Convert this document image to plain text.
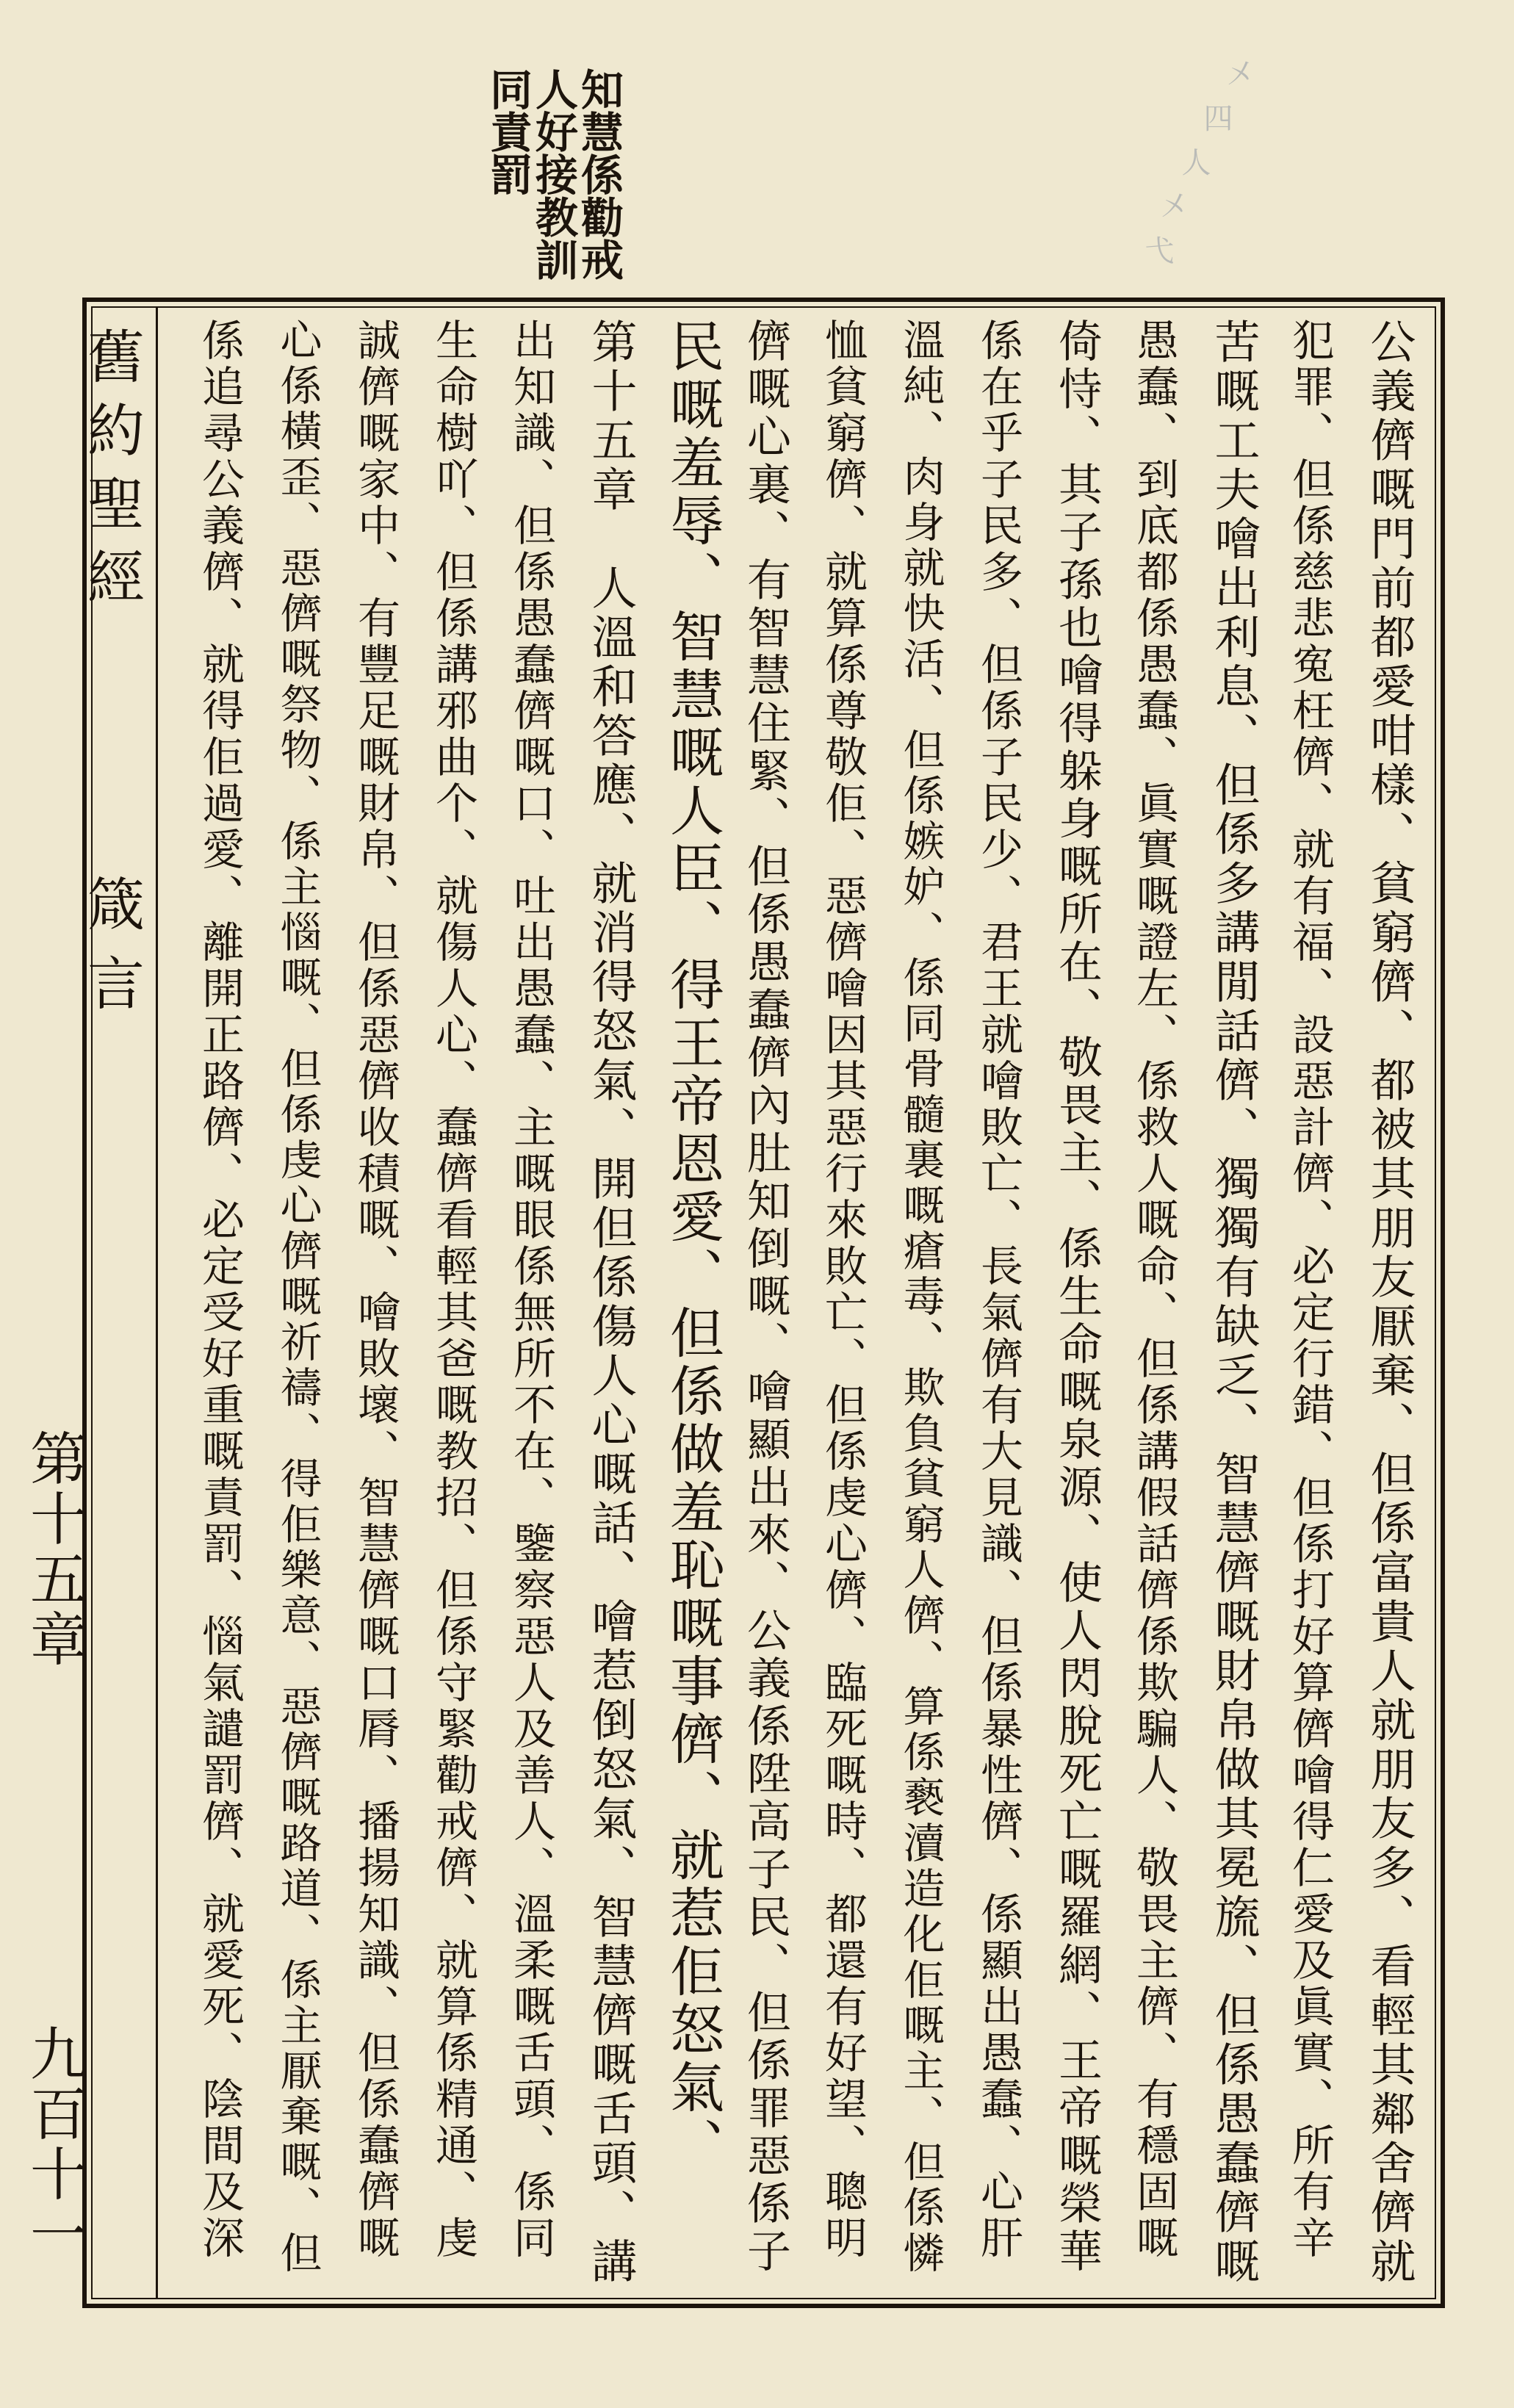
知慧係勸戒
人好接教訓
同責罰	㐅
四
人
㐅
弋
舊約聖經
箴言
第十五章
九百十一	公義儕嘅門前都愛咁樣、貧窮儕、都被其朋友厭棄、但係富貴人就朋友多、看輕其鄰舍儕就
犯罪、但係慈悲寃枉儕、就有福、設惡計儕、必定行錯、但係打好算儕噲得仁愛及眞實、所有辛
苦嘅工夫噲出利息、但係多講閒話儕、獨獨有缺乏、智慧儕嘅財帛做其冕旒、但係愚蠢儕嘅
愚蠢、到底都係愚蠢、眞實嘅證左、係救人嘅命、但係講假話儕係欺騙人、敬畏主儕、有穩固嘅
倚恃、其子孫也噲得躲身嘅所在、敬畏主、係生命嘅泉源、使人閃脫死亡嘅羅網、王帝嘅榮華
係在乎子民多、但係子民少、君王就噲敗亡、長氣儕有大見識、但係暴性儕、係顯出愚蠢、心肝
溫純、肉身就快活、但係嫉妒、係同骨髓裏嘅瘡毒、欺負貧窮人儕、算係褻瀆造化佢嘅主、但係憐
恤貧窮儕、就算係尊敬佢、惡儕噲因其惡行來敗亡、但係虔心儕、臨死嘅時、都還有好望、聰明
儕嘅心裏、有智慧住緊、但係愚蠢儕內肚知倒嘅、噲顯出來、公義係陞高子民、但係罪惡係子
民嘅羞辱、智慧嘅人臣、得王帝恩愛、但係做羞恥嘅事儕、就惹佢怒氣、
第十五章　人溫和答應、就消得怒氣、開但係傷人心嘅話、噲惹倒怒氣、智慧儕嘅舌頭、講
出知識、但係愚蠢儕嘅口、吐出愚蠢、主嘅眼係無所不在、鑒察惡人及善人、溫柔嘅舌頭、係同
生命樹吖、但係講邪曲个、就傷人心、蠢儕看輕其爸嘅教招、但係守緊勸戒儕、就算係精通、虔
誠儕嘅家中、有豐足嘅財帛、但係惡儕收積嘅、噲敗壞、智慧儕嘅口脣、播揚知識、但係蠢儕嘅
心係橫歪、惡儕嘅祭物、係主惱嘅、但係虔心儕嘅祈禱、得佢樂意、惡儕嘅路道、係主厭棄嘅、但
係追尋公義儕、就得佢過愛、離開正路儕、必定受好重嘅責罰、惱氣譴罰儕、就愛死、陰間及深
